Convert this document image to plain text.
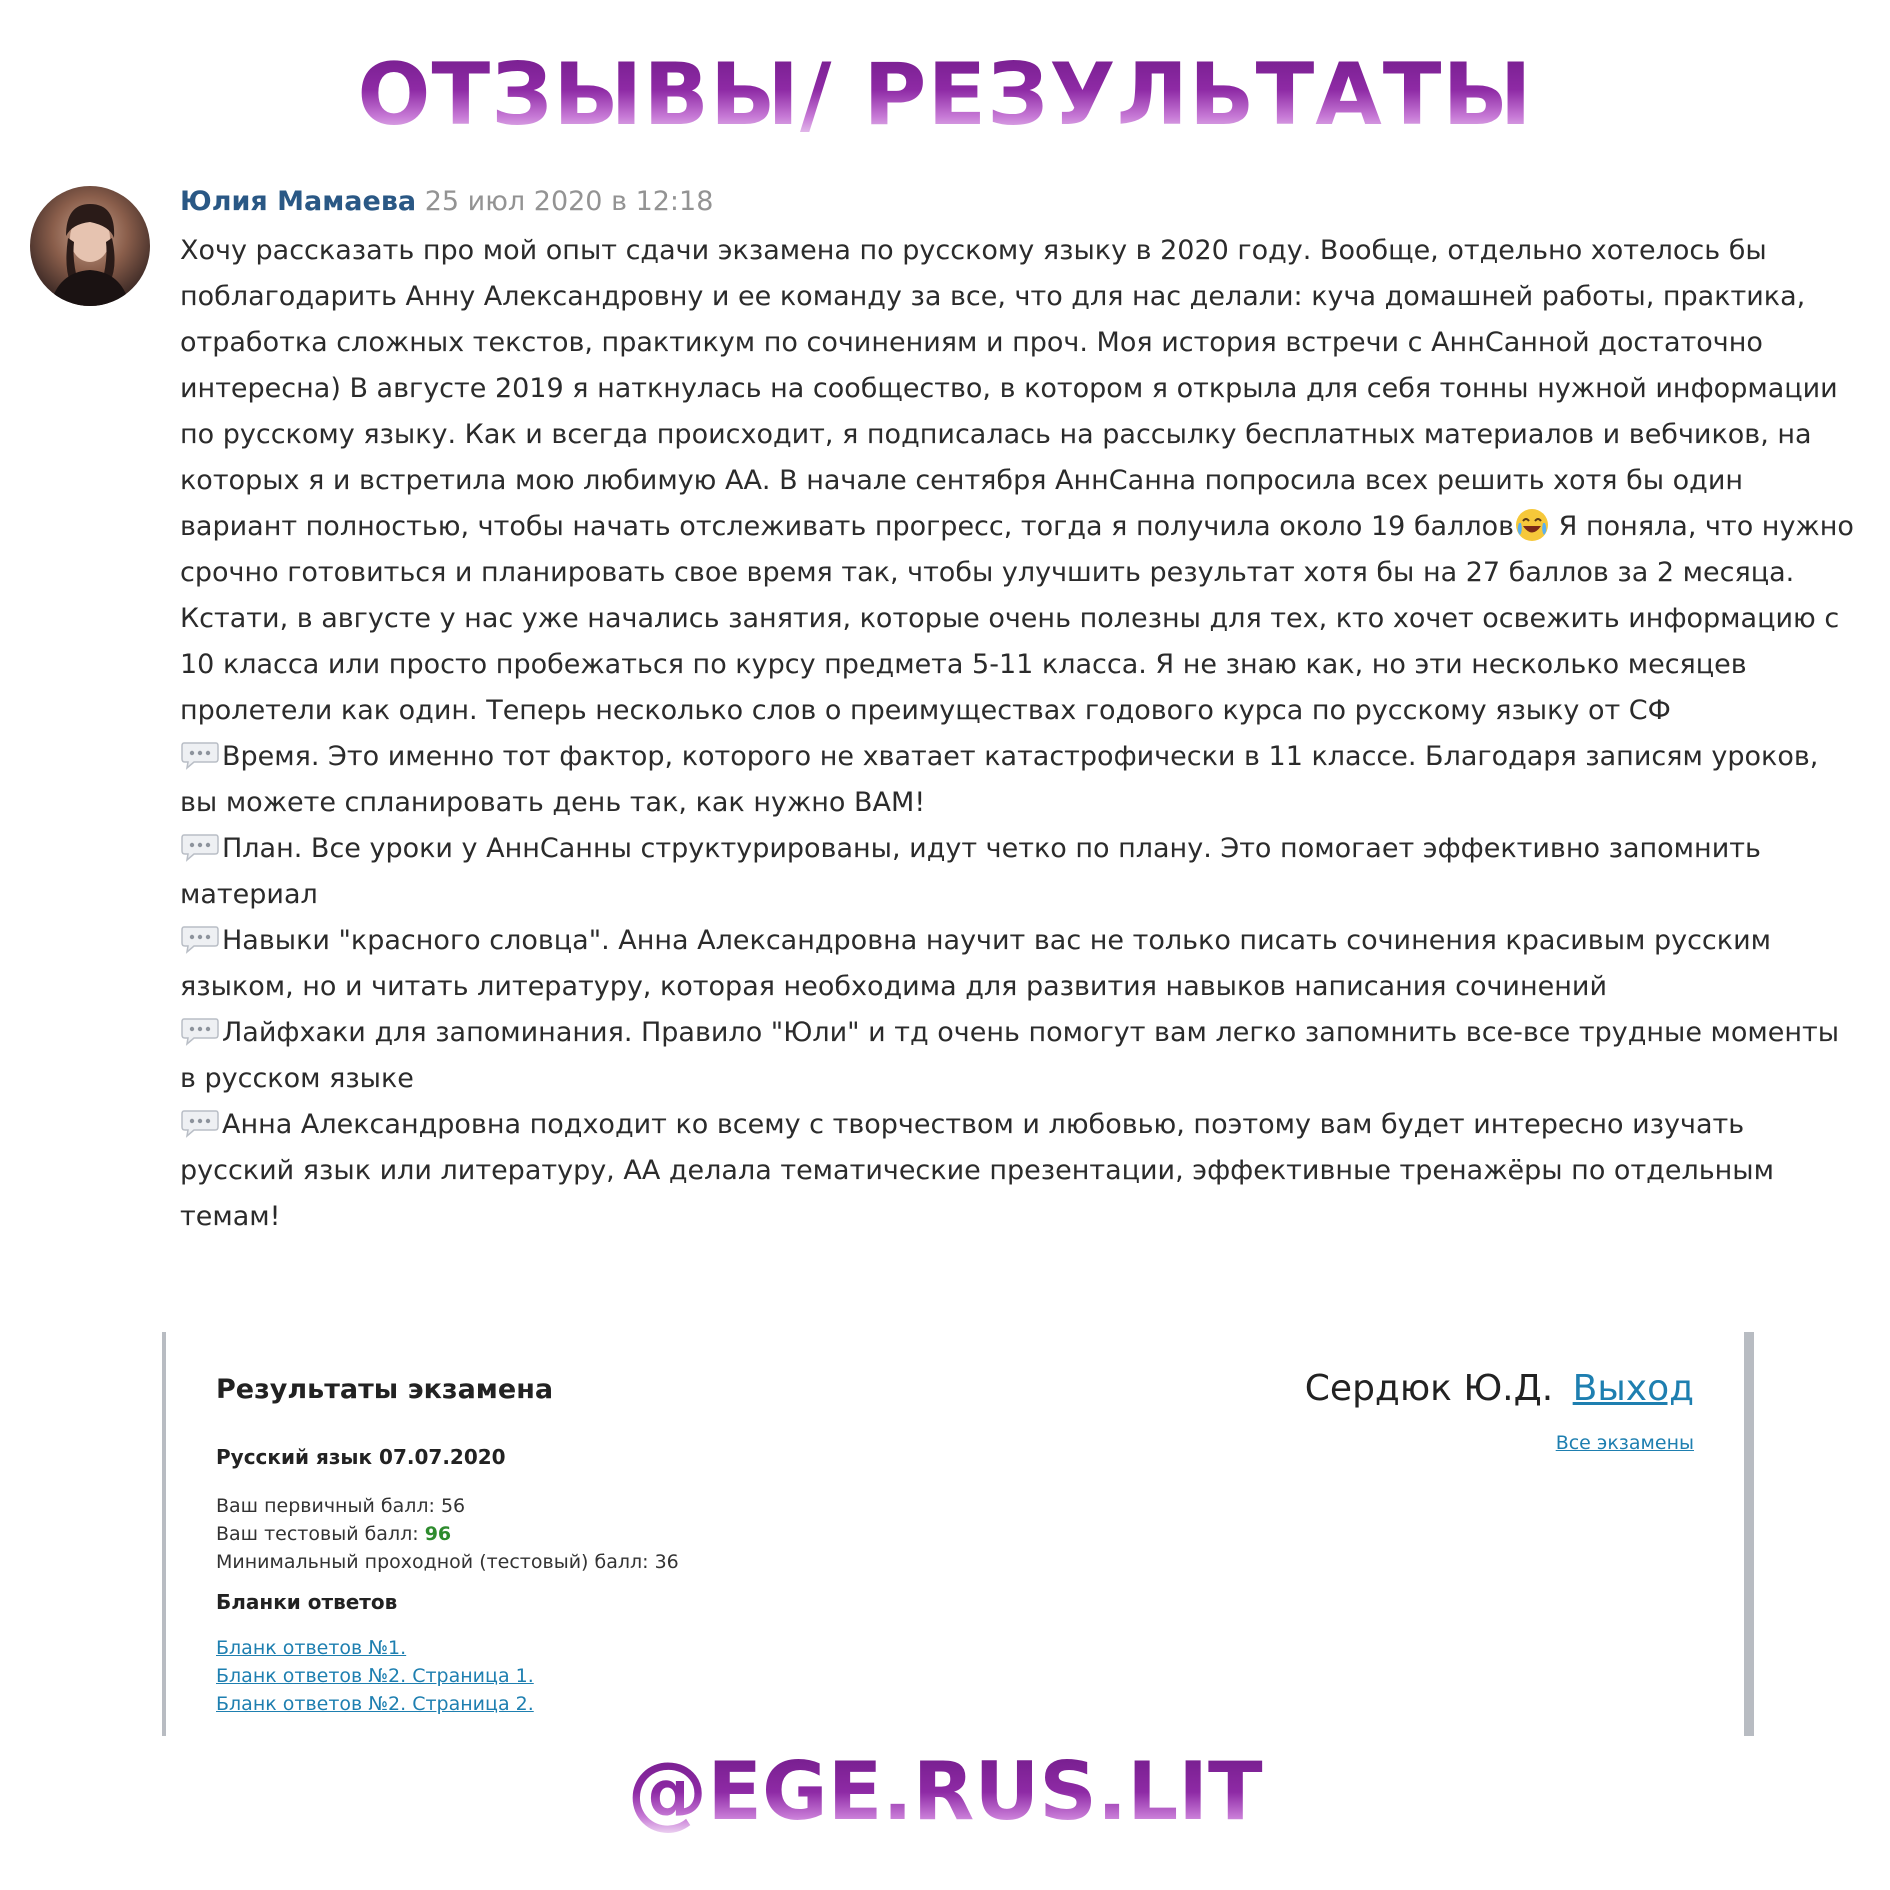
ОТЗЫВЫ/ РЕЗУЛЬТАТЫ
Юлия Мамаева 25 июл 2020 в 12:18

Хочу рассказать про мой опыт сдачи экзамена по русскому языку в 2020 году. Вообще, отдельно хотелось бы поблагодарить Анну Александровну и ее команду за все, что для нас делали: куча домашней работы, практика, отработка сложных текстов, практикум по сочинениям и проч. Моя история встречи с АннСанной достаточно интересна) В августе 2019 я наткнулась на сообщество, в котором я открыла для себя тонны нужной информации по русскому языку. Как и всегда происходит, я подписалась на рассылку бесплатных материалов и вебчиков, на которых я и встретила мою любимую АА. В начале сентября АннСанна попросила всех решить хотя бы один вариант полностью, чтобы начать отслеживать прогресс, тогда я получила около 19 баллов
Я поняла, что нужно срочно готовиться и планировать свое время так, чтобы улучшить результат хотя бы на 27 баллов за 2 месяца. Кстати, в августе у нас уже начались занятия, которые очень полезны для тех, кто хочет освежить информацию с 10 класса или просто пробежаться по курсу предмета 5-11 класса. Я не знаю как, но эти несколько месяцев пролетели как один. Теперь несколько слов о преимуществах годового курса по русскому языку от СФ

Время. Это именно тот фактор, которого не хватает катастрофически в 11 классе. Благодаря записям уроков, вы можете спланировать день так, как нужно ВАМ!

План. Все уроки у АннСанны структурированы, идут четко по плану. Это помогает эффективно запомнить материал

Навыки "красного словца". Анна Александровна научит вас не только писать сочинения красивым русским языком, но и читать литературу, которая необходима для развития навыков написания сочинений

Лайфхаки для запоминания. Правило "Юли" и тд очень помогут вам легко запомнить все-все трудные моменты в русском языке

Анна Александровна подходит ко всему с творчеством и любовью, поэтому вам будет интересно изучать русский язык или литературу, АА делала тематические презентации, эффективные тренажёры по отдельным темам!

Результаты экзамена	Сердюк Ю.Д. Выход
Все экзамены
Русский язык 07.07.2020
Ваш первичный балл: 56
Ваш тестовый балл: 96
Минимальный проходной (тестовый) балл: 36
Бланки ответов
Бланк ответов №1.
Бланк ответов №2. Страница 1.
Бланк ответов №2. Страница 2.
@EGE.RUS.LIT
